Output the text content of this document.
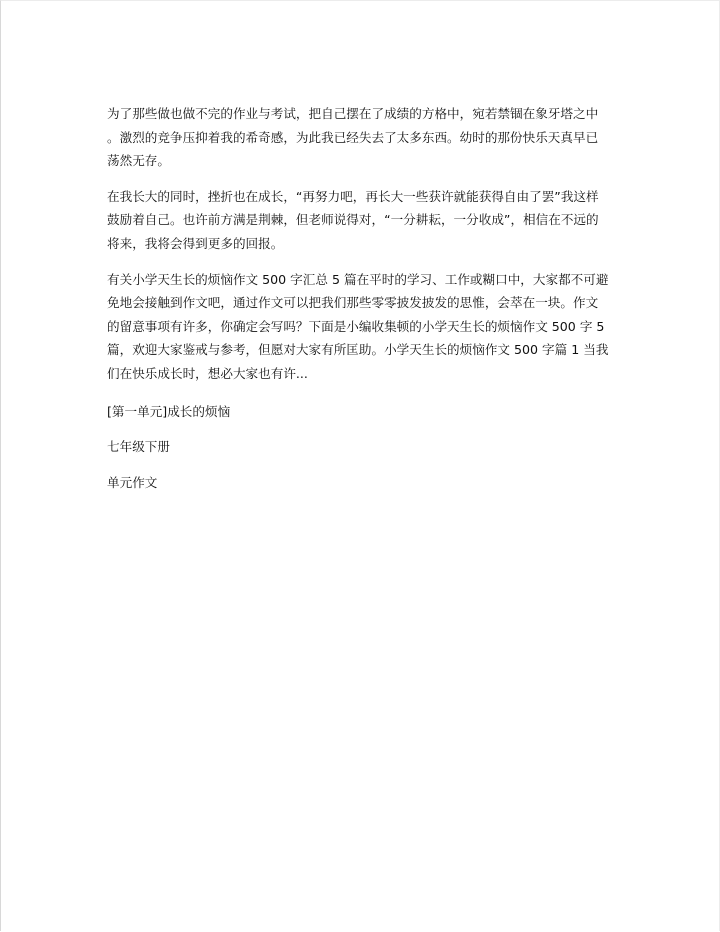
为了那些做也做不完的作业与考试，把自己摆在了成绩的方格中，宛若禁锢在象牙塔之中
。激烈的竞争压抑着我的希奇感，为此我已经失去了太多东西。幼时的那份快乐天真早已
荡然无存。

在我长大的同时，挫折也在成长，“再努力吧，再长大一些获许就能获得自由了罢”我这样
鼓励着自己。也许前方满是荆棘，但老师说得对，“一分耕耘，一分收成”，相信在不远的
将来，我将会得到更多的回报。

有关小学天生长的烦恼作文 500 字汇总 5 篇在平时的学习、工作或糊口中，大家都不可避
免地会接触到作文吧，通过作文可以把我们那些零零披发披发的思惟，会萃在一块。作文
的留意事项有许多，你确定会写吗？下面是小编收集顿的小学天生长的烦恼作文 500 字 5
篇，欢迎大家鉴戒与参考，但愿对大家有所匡助。小学天生长的烦恼作文 500 字篇 1 当我
们在快乐成长时，想必大家也有许...

[第一单元]成长的烦恼
七年级下册
单元作文
